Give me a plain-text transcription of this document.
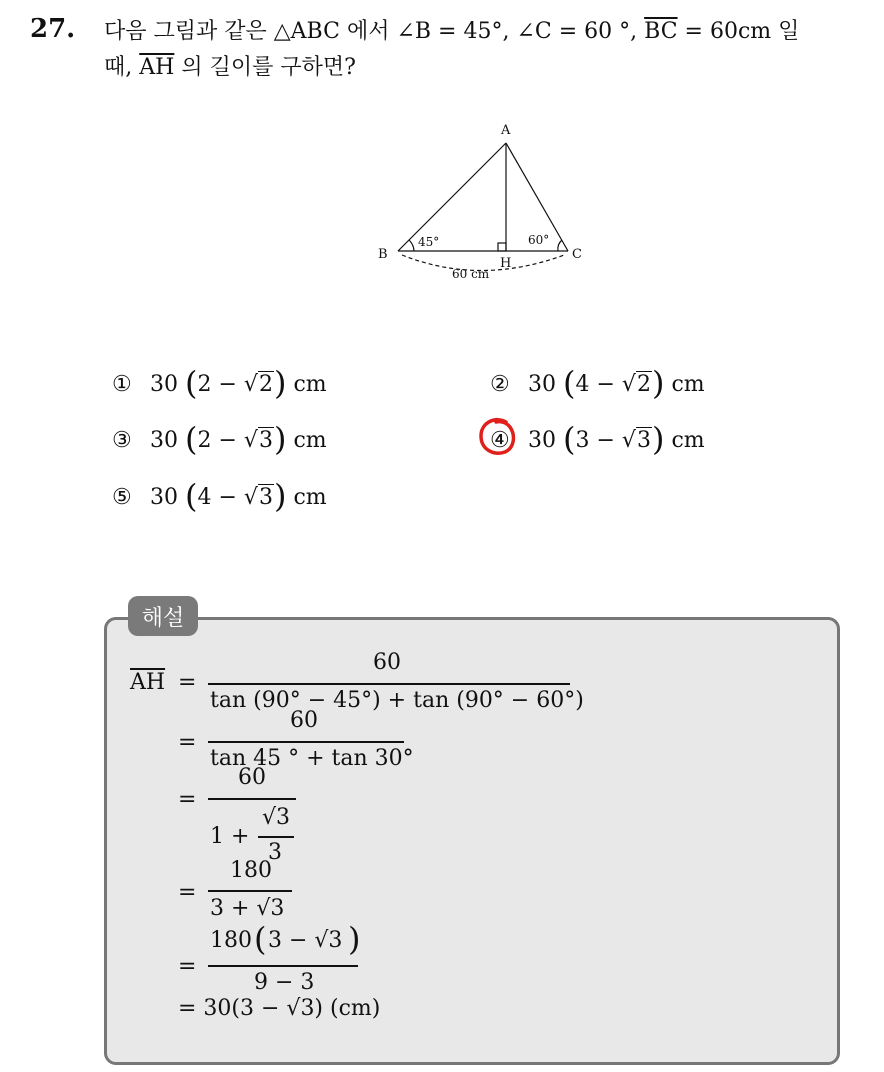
27. 다음 그림과 같은 △ABC 에서 ∠B = 45°, ∠C = 60 °, $\overline{BC} = 60cm$ 일
때, $\overline{AH}$ 의 길이를 구하면?
A
B	C
H
45°	60°
60 cm
① 30
( 2 −
√2 )
cm	② 30
( 4 −
√2 )
cm
③ 30
( 2 −
√3 )
cm	④ 30
( 3 −
√3 )
cm
⑤ 30
( 4 −
√3 )
cm
해설
$\overline{AH}$ =
60
tan (90° − 45°) + tan (90° − 60°)
=
60
tan 45 ° + tan 30°
=
60
1 +
√3
3
=
180
3 + √3
=
180 ( 3 − √3 )
9 − 3
= 30(3 − √3) (cm)
